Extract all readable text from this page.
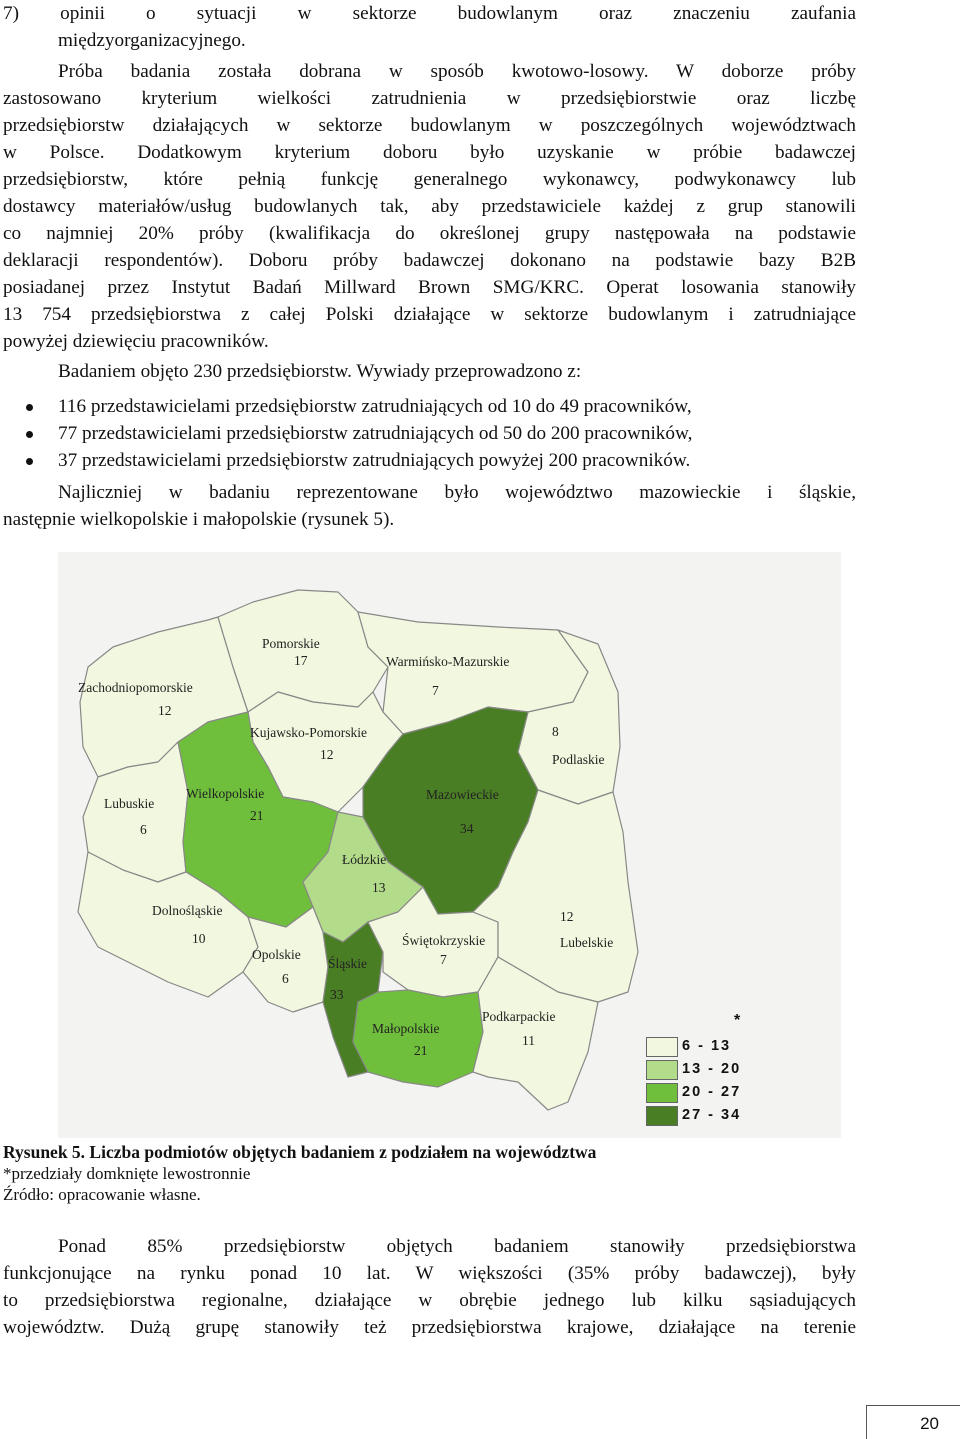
7) opinii o sytuacji w sektorze budowlanym oraz znaczeniu zaufania
międzyorganizacyjnego.
Próba badania została dobrana w sposób kwotowo-losowy. W doborze próby
zastosowano kryterium wielkości zatrudnienia w przedsiębiorstwie oraz liczbę
przedsiębiorstw działających w sektorze budowlanym w poszczególnych województwach
w Polsce. Dodatkowym kryterium doboru było uzyskanie w próbie badawczej
przedsiębiorstw, które pełnią funkcję generalnego wykonawcy, podwykonawcy lub
dostawcy materiałów/usług budowlanych tak, aby przedstawiciele każdej z grup stanowili
co najmniej 20% próby (kwalifikacja do określonej grupy następowała na podstawie
deklaracji respondentów). Doboru próby badawczej dokonano na podstawie bazy B2B
posiadanej przez Instytut Badań Millward Brown SMG/KRC. Operat losowania stanowiły
13 754 przedsiębiorstwa z całej Polski działające w sektorze budowlanym i zatrudniające
powyżej dziewięciu pracowników.
Badaniem objęto 230 przedsiębiorstw. Wywiady przeprowadzono z:
116 przedstawicielami przedsiębiorstw zatrudniających od 10 do 49 pracowników,
77 przedstawicielami przedsiębiorstw zatrudniających od 50 do 200 pracowników,
37 przedstawicielami przedsiębiorstw zatrudniających powyżej 200 pracowników.
Najliczniej w badaniu reprezentowane było województwo mazowieckie i śląskie,
następnie wielkopolskie i małopolskie (rysunek 5).
Pomorskie
17	Warmińsko-Mazurskie
7
Zachodniopomorskie
12
Kujawsko-Pomorskie
12
8
Podlaskie
Lubuskie
6
Wielkopolskie
21
Mazowieckie
34
Łódzkie
13
Dolnośląskie
10
Opolskie
6
Śląskie
33
Świętokrzyskie
7
12
Lubelskie
Małopolskie
21
Podkarpackie
11
*
6 - 13
13 - 20
20 - 27
27 - 34
Rysunek 5. Liczba podmiotów objętych badaniem z podziałem na województwa
*przedziały domknięte lewostronnie
Źródło: opracowanie własne.
Ponad 85% przedsiębiorstw objętych badaniem stanowiły przedsiębiorstwa
funkcjonujące na rynku ponad 10 lat. W większości (35% próby badawczej), były
to przedsiębiorstwa regionalne, działające w obrębie jednego lub kilku sąsiadujących
województw. Dużą grupę stanowiły też przedsiębiorstwa krajowe, działające na terenie
20
